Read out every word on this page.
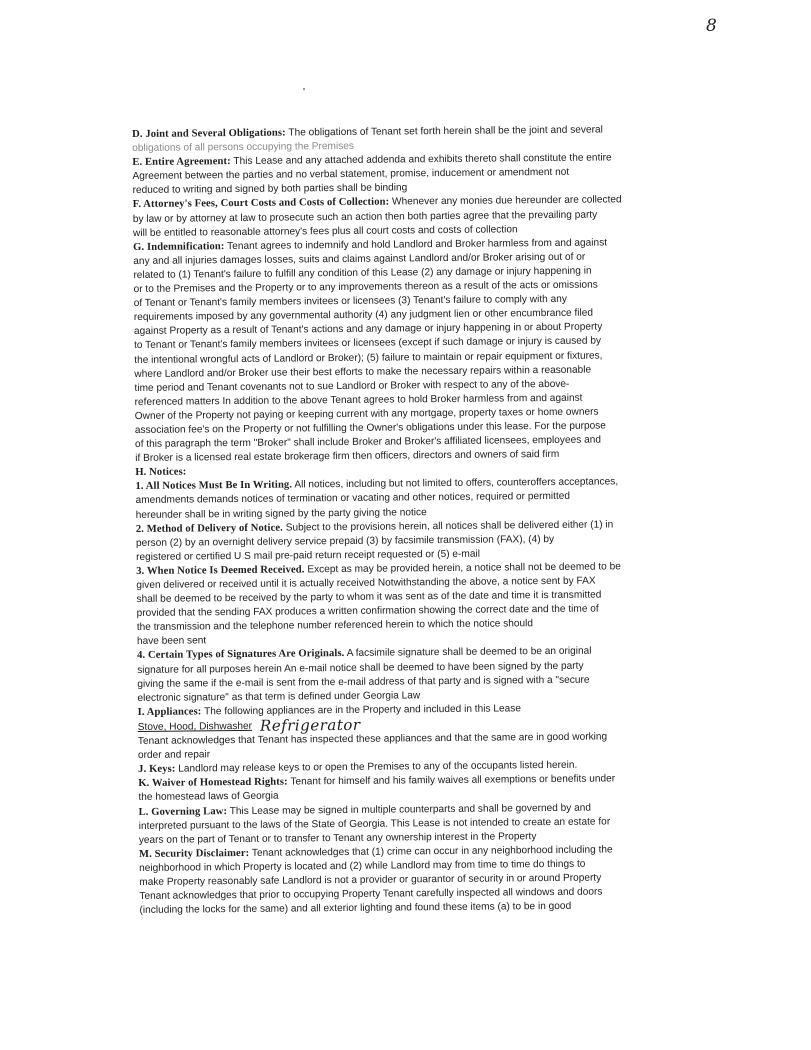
8

D. Joint and Several Obligations: The obligations of Tenant set forth herein shall be the joint and several

obligations of all persons occupying the Premises

E. Entire Agreement: This Lease and any attached addenda and exhibits thereto shall constitute the entire

Agreement between the parties and no verbal statement, promise, inducement or amendment not

reduced to writing and signed by both parties shall be binding

F. Attorney's Fees, Court Costs and Costs of Collection: Whenever any monies due hereunder are collected

by law or by attorney at law to prosecute such an action then both parties agree that the prevailing party

will be entitled to reasonable attorney's fees plus all court costs and costs of collection

G. Indemnification: Tenant agrees to indemnify and hold Landlord and Broker harmless from and against

any and all injuries damages losses, suits and claims against Landlord and/or Broker arising out of or

related to (1) Tenant's failure to fulfill any condition of this Lease (2) any damage or injury happening in

or to the Premises and the Property or to any improvements thereon as a result of the acts or omissions

of Tenant or Tenant's family members invitees or licensees (3) Tenant's failure to comply with any

requirements imposed by any governmental authority (4) any judgment lien or other encumbrance filed

against Property as a result of Tenant's actions and any damage or injury happening in or about Property

to Tenant or Tenant's family members invitees or licensees (except if such damage or injury is caused by

the intentional wrongful acts of Landlord or Broker); (5) failure to maintain or repair equipment or fixtures,

where Landlord and/or Broker use their best efforts to make the necessary repairs within a reasonable

time period and Tenant covenants not to sue Landlord or Broker with respect to any of the above-

referenced matters In addition to the above Tenant agrees to hold Broker harmless from and against

Owner of the Property not paying or keeping current with any mortgage, property taxes or home owners

association fee's on the Property or not fulfilling the Owner's obligations under this lease. For the purpose

of this paragraph the term "Broker" shall include Broker and Broker's affiliated licensees, employees and

if Broker is a licensed real estate brokerage firm then officers, directors and owners of said firm

H. Notices:

1. All Notices Must Be In Writing. All notices, including but not limited to offers, counteroffers acceptances,

amendments demands notices of termination or vacating and other notices, required or permitted

hereunder shall be in writing signed by the party giving the notice

2. Method of Delivery of Notice. Subject to the provisions herein, all notices shall be delivered either (1) in

person (2) by an overnight delivery service prepaid (3) by facsimile transmission (FAX), (4) by

registered or certified U S mail pre-paid return receipt requested or (5) e-mail

3. When Notice Is Deemed Received. Except as may be provided herein, a notice shall not be deemed to be

given delivered or received until it is actually received Notwithstanding the above, a notice sent by FAX

shall be deemed to be received by the party to whom it was sent as of the date and time it is transmitted

provided that the sending FAX produces a written confirmation showing the correct date and the time of

the transmission and the telephone number referenced herein to which the notice should

have been sent

4. Certain Types of Signatures Are Originals. A facsimile signature shall be deemed to be an original

signature for all purposes herein An e-mail notice shall be deemed to have been signed by the party

giving the same if the e-mail is sent from the e-mail address of that party and is signed with a "secure

electronic signature" as that term is defined under Georgia Law

I. Appliances: The following appliances are in the Property and included in this Lease

Stove, Hood, Dishwasher Refrigerator

Tenant acknowledges that Tenant has inspected these appliances and that the same are in good working

order and repair

J. Keys: Landlord may release keys to or open the Premises to any of the occupants listed herein.

K. Waiver of Homestead Rights: Tenant for himself and his family waives all exemptions or benefits under

the homestead laws of Georgia

L. Governing Law: This Lease may be signed in multiple counterparts and shall be governed by and

interpreted pursuant to the laws of the State of Georgia. This Lease is not intended to create an estate for

years on the part of Tenant or to transfer to Tenant any ownership interest in the Property

M. Security Disclaimer: Tenant acknowledges that (1) crime can occur in any neighborhood including the

neighborhood in which Property is located and (2) while Landlord may from time to time do things to

make Property reasonably safe Landlord is not a provider or guarantor of security in or around Property

Tenant acknowledges that prior to occupying Property Tenant carefully inspected all windows and doors

(including the locks for the same) and all exterior lighting and found these items (a) to be in good
